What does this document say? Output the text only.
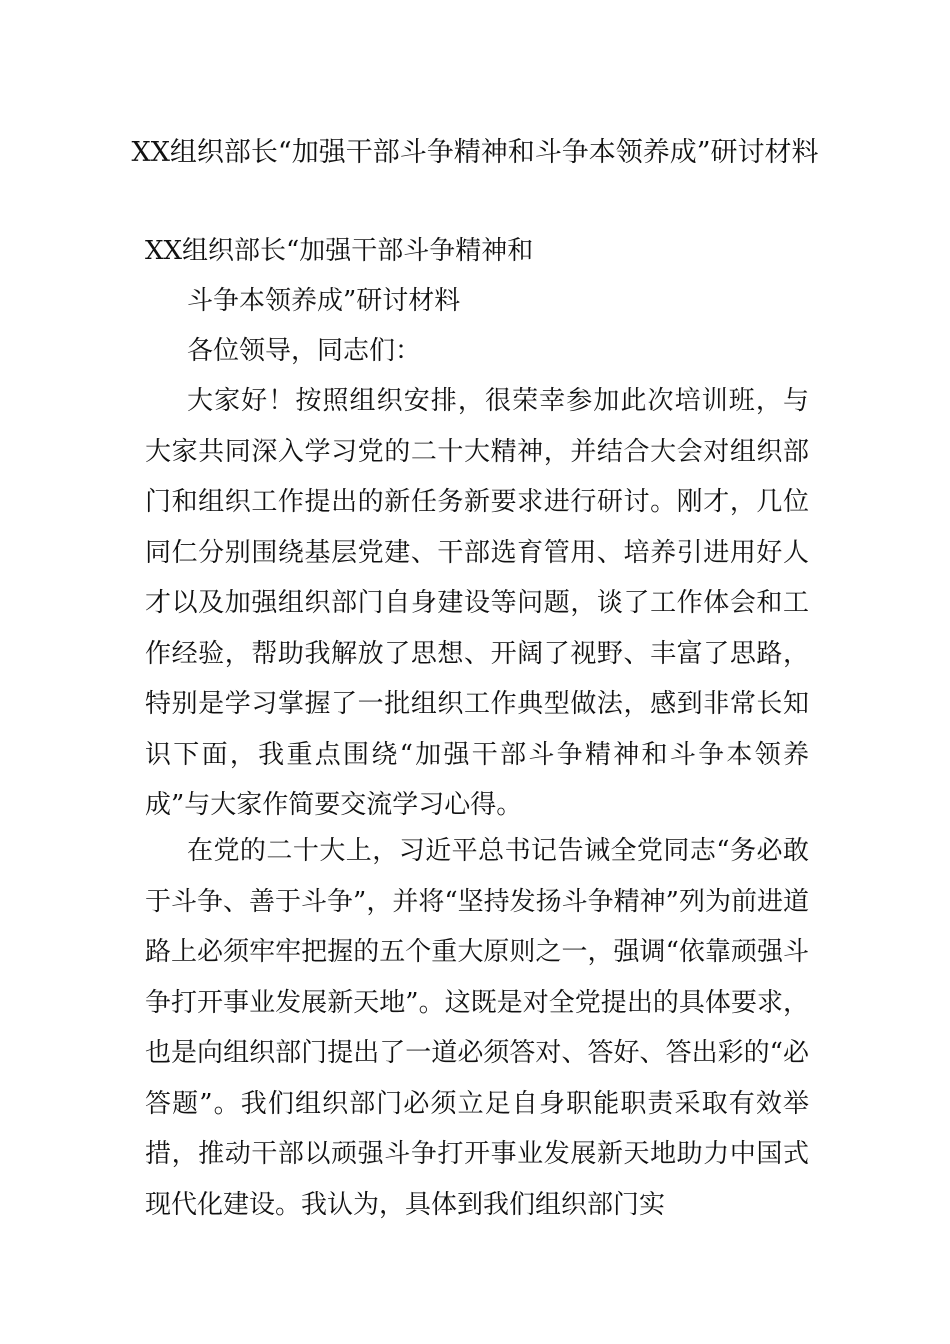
XX组织部长“加强干部斗争精神和斗争本领养成”研讨材料
XX组织部长“加强干部斗争精神和
斗争本领养成”研讨材料
各位领导，同志们：
大家好！按照组织安排，很荣幸参加此次培训班，与大家共同深入学习党的二十大精神，并结合大会对组织部门和组织工作提出的新任务新要求进行研讨。刚才，几位同仁分别围绕基层党建、干部选育管用、培养引进用好人才以及加强组织部门自身建设等问题，谈了工作体会和工作经验，帮助我解放了思想、开阔了视野、丰富了思路，特别是学习掌握了一批组织工作典型做法，感到非常长知识下面，我重点围绕“加强干部斗争精神和斗争本领养成”与大家作简要交流学习心得。
在党的二十大上，习近平总书记告诫全党同志“务必敢于斗争、善于斗争”，并将“坚持发扬斗争精神”列为前进道路上必须牢牢把握的五个重大原则之一，强调“依靠顽强斗争打开事业发展新天地”。这既是对全党提出的具体要求，也是向组织部门提出了一道必须答对、答好、答出彩的“必答题”。我们组织部门必须立足自身职能职责采取有效举措，推动干部以顽强斗争打开事业发展新天地助力中国式现代化建设。我认为，具体到我们组织部门实
